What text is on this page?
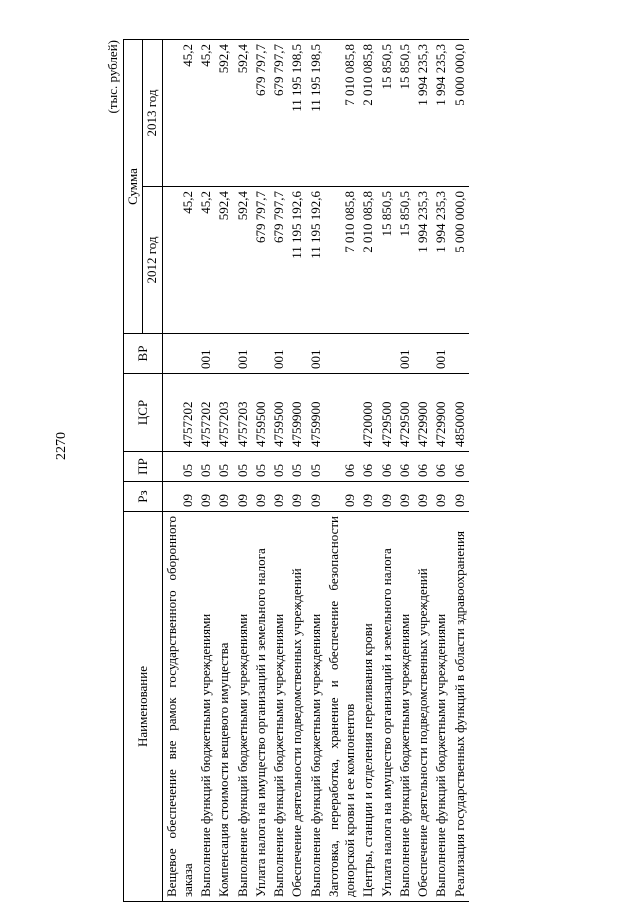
2270
(тыс. рублей)
Наименование	Рз	ПР	ЦСР	ВР	Сумма	
					2012 год	2013 год
Вещевое обеспечение вне рамок государственного оборонного заказа	09	05	4757202		45,2	45,2
Выполнение функций бюджетными учреждениями	09	05	4757202	001	45,2	45,2
Компенсация стоимости вещевого имущества	09	05	4757203		592,4	592,4
Выполнение функций бюджетными учреждениями	09	05	4757203	001	592,4	592,4
Уплата налога на имущество организаций и земельного налога	09	05	4759500		679 797,7	679 797,7
Выполнение функций бюджетными учреждениями	09	05	4759500	001	679 797,7	679 797,7
Обеспечение деятельности подведомственных учреждений	09	05	4759900		11 195 192,6	11 195 198,5
Выполнение функций бюджетными учреждениями	09	05	4759900	001	11 195 192,6	11 195 198,5
Заготовка, переработка, хранение и обеспечение безопасности донорской крови и ее компонентов	09	06			7 010 085,8	7 010 085,8
Центры, станции и отделения переливания крови	09	06	4720000		2 010 085,8	2 010 085,8
Уплата налога на имущество организаций и земельного налога	09	06	4729500		15 850,5	15 850,5
Выполнение функций бюджетными учреждениями	09	06	4729500	001	15 850,5	15 850,5
Обеспечение деятельности подведомственных учреждений	09	06	4729900		1 994 235,3	1 994 235,3
Выполнение функций бюджетными учреждениями	09	06	4729900	001	1 994 235,3	1 994 235,3
Реализация государственных функций в области здравоохранения	09	06	4850000		5 000 000,0	5 000 000,0
